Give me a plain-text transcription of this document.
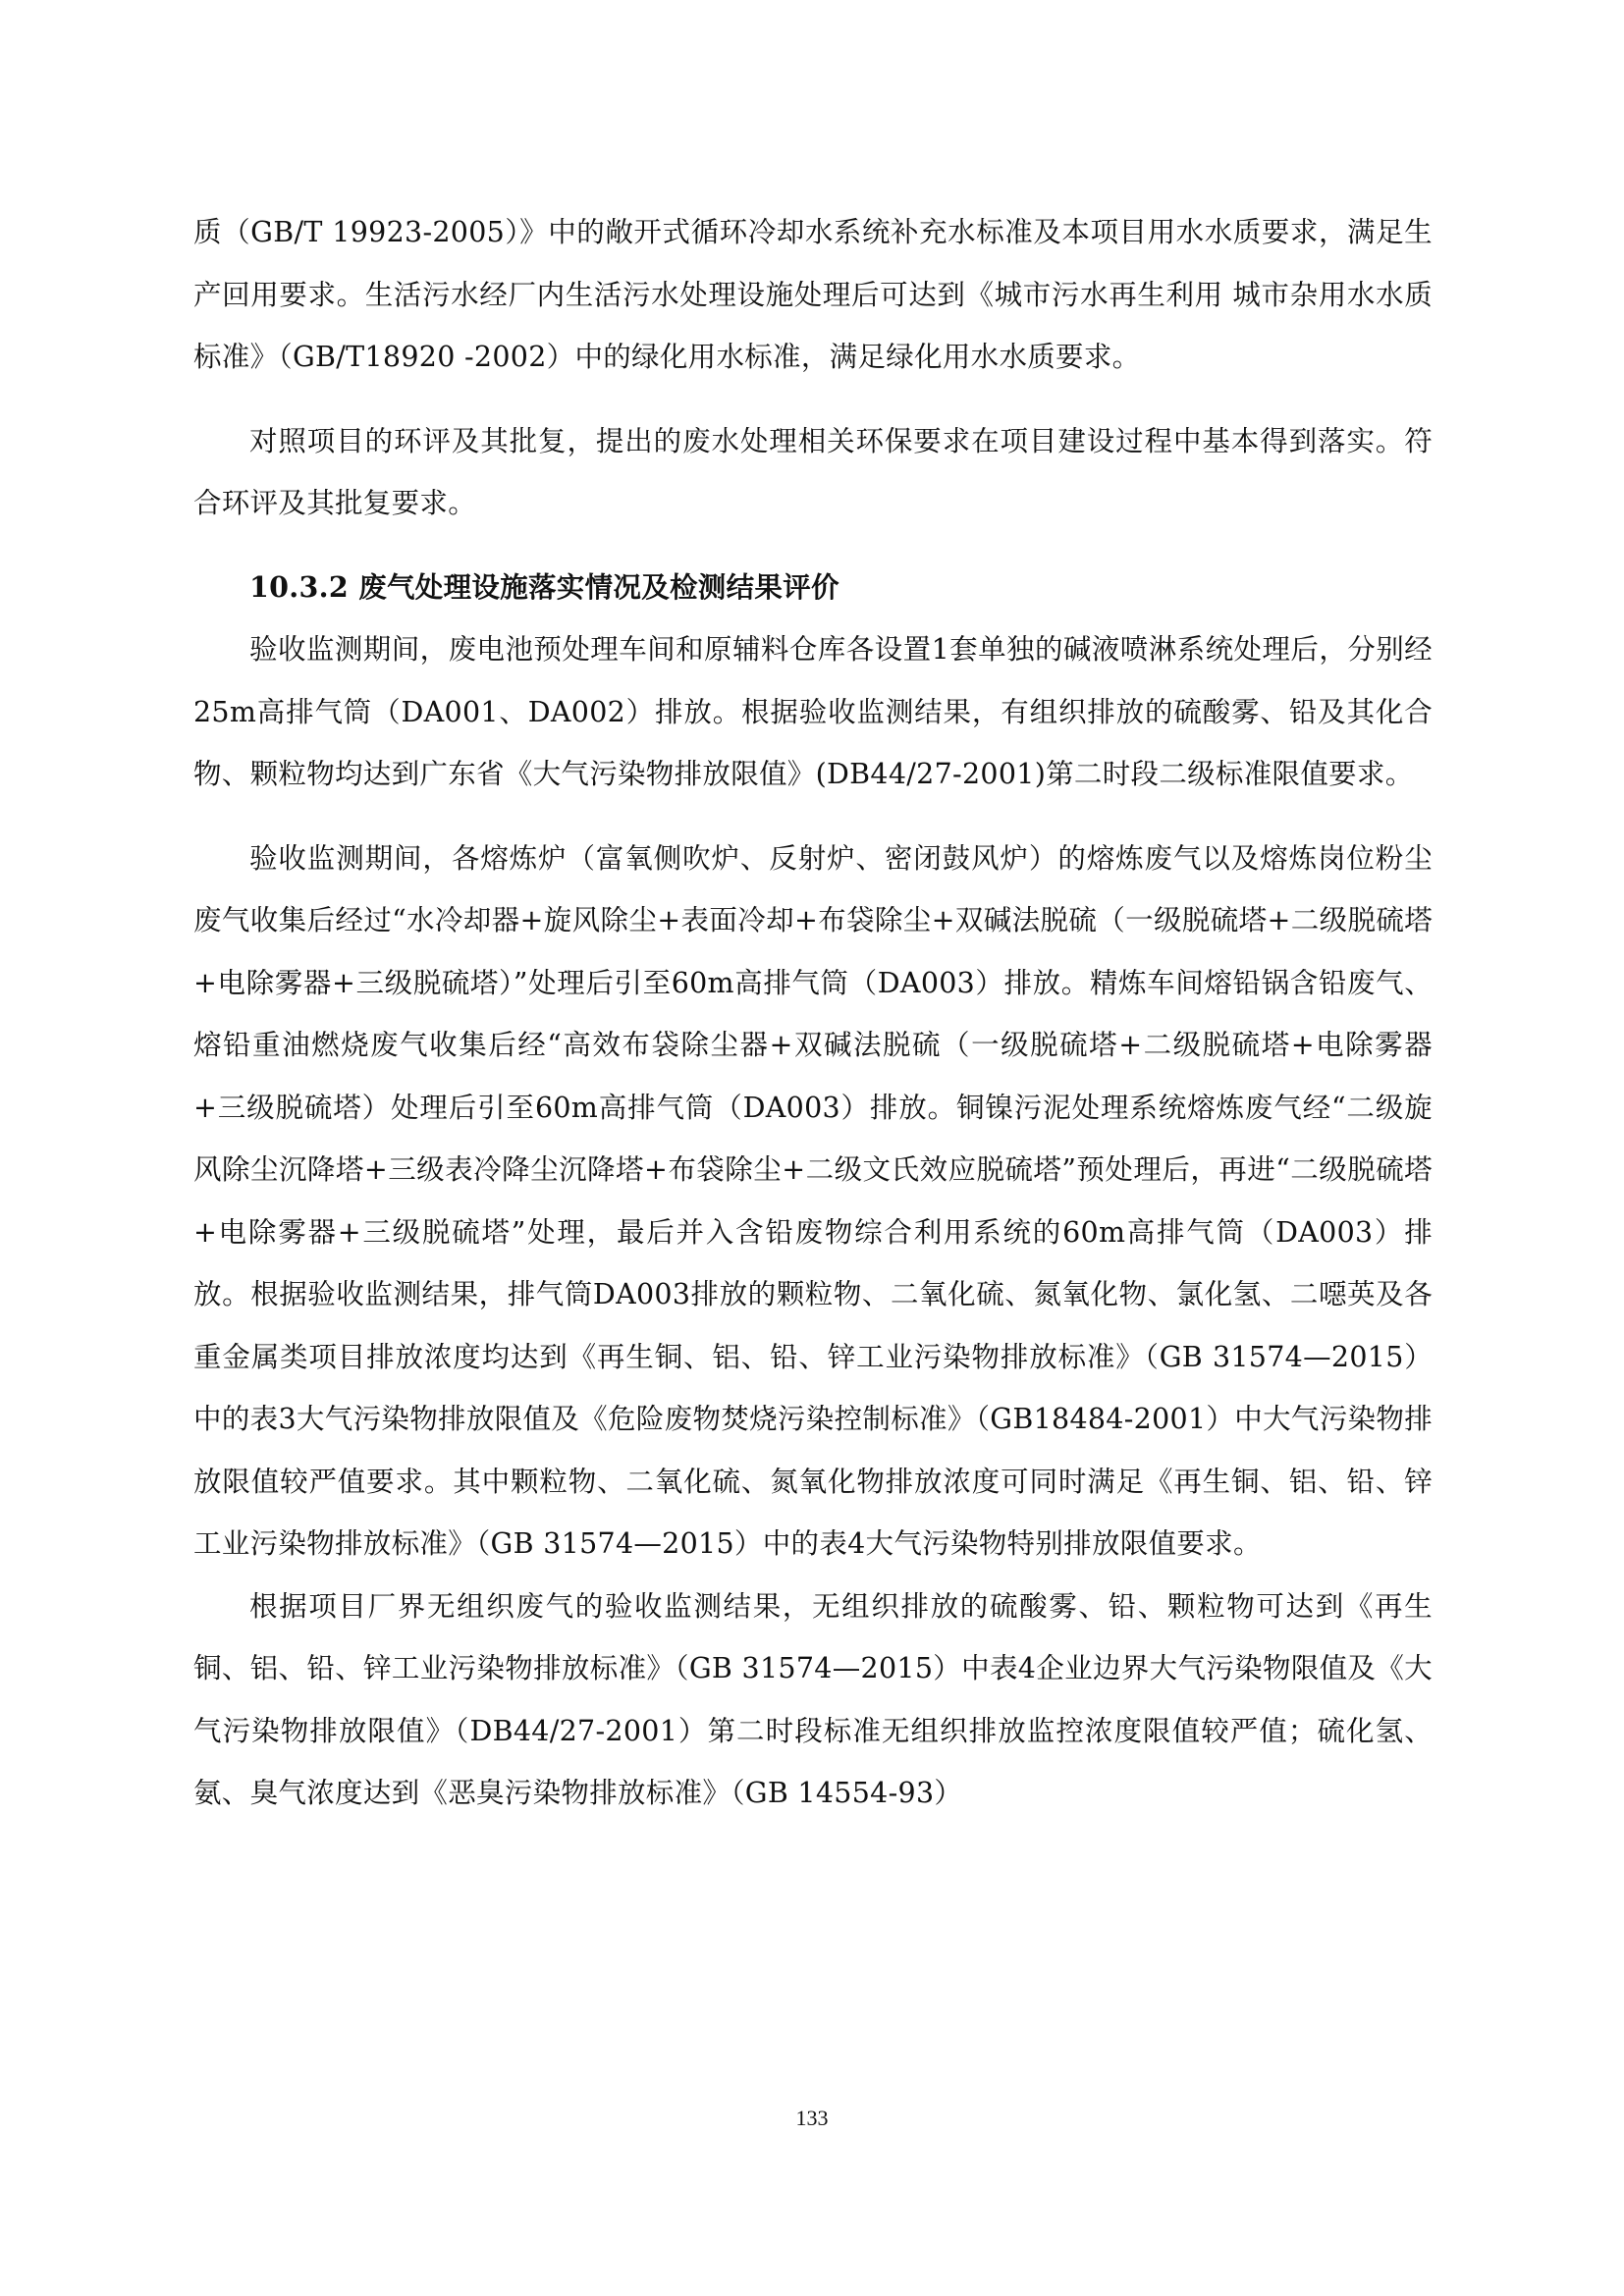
质（GB/T 19923-2005）》中的敞开式循环冷却水系统补充水标准及本项目用水水质要求，满足生产回用要求。生活污水经厂内生活污水处理设施处理后可达到《城市污水再生利用 城市杂用水水质标准》（GB/T18920 -2002）中的绿化用水标准，满足绿化用水水质要求。

对照项目的环评及其批复，提出的废水处理相关环保要求在项目建设过程中基本得到落实。符合环评及其批复要求。

10.3.2 废气处理设施落实情况及检测结果评价

验收监测期间，废电池预处理车间和原辅料仓库各设置1套单独的碱液喷淋系统处理后，分别经25m高排气筒（DA001、DA002）排放。根据验收监测结果，有组织排放的硫酸雾、铅及其化合物、颗粒物均达到广东省《大气污染物排放限值》(DB44/27-2001)第二时段二级标准限值要求。

验收监测期间，各熔炼炉（富氧侧吹炉、反射炉、密闭鼓风炉）的熔炼废气以及熔炼岗位粉尘废气收集后经过“水冷却器+旋风除尘+表面冷却+布袋除尘+双碱法脱硫（一级脱硫塔+二级脱硫塔+电除雾器+三级脱硫塔）”处理后引至60m高排气筒（DA003）排放。精炼车间熔铅锅含铅废气、熔铅重油燃烧废气收集后经“高效布袋除尘器+双碱法脱硫（一级脱硫塔+二级脱硫塔+电除雾器+三级脱硫塔）处理后引至60m高排气筒（DA003）排放。铜镍污泥处理系统熔炼废气经“二级旋风除尘沉降塔+三级表冷降尘沉降塔+布袋除尘+二级文氏效应脱硫塔”预处理后，再进“二级脱硫塔+电除雾器+三级脱硫塔”处理，最后并入含铅废物综合利用系统的60m高排气筒（DA003）排放。根据验收监测结果，排气筒DA003排放的颗粒物、二氧化硫、氮氧化物、氯化氢、二噁英及各重金属类项目排放浓度均达到《再生铜、铝、铅、锌工业污染物排放标准》（GB 31574—2015）中的表3大气污染物排放限值及《危险废物焚烧污染控制标准》（GB18484-2001）中大气污染物排放限值较严值要求。其中颗粒物、二氧化硫、氮氧化物排放浓度可同时满足《再生铜、铝、铅、锌工业污染物排放标准》（GB 31574—2015）中的表4大气污染物特别排放限值要求。

根据项目厂界无组织废气的验收监测结果，无组织排放的硫酸雾、铅、颗粒物可达到《再生铜、铝、铅、锌工业污染物排放标准》（GB 31574—2015）中表4企业边界大气污染物限值及《大气污染物排放限值》（DB44/27-2001）第二时段标准无组织排放监控浓度限值较严值；硫化氢、氨、臭气浓度达到《恶臭污染物排放标准》（GB 14554-93）

133
